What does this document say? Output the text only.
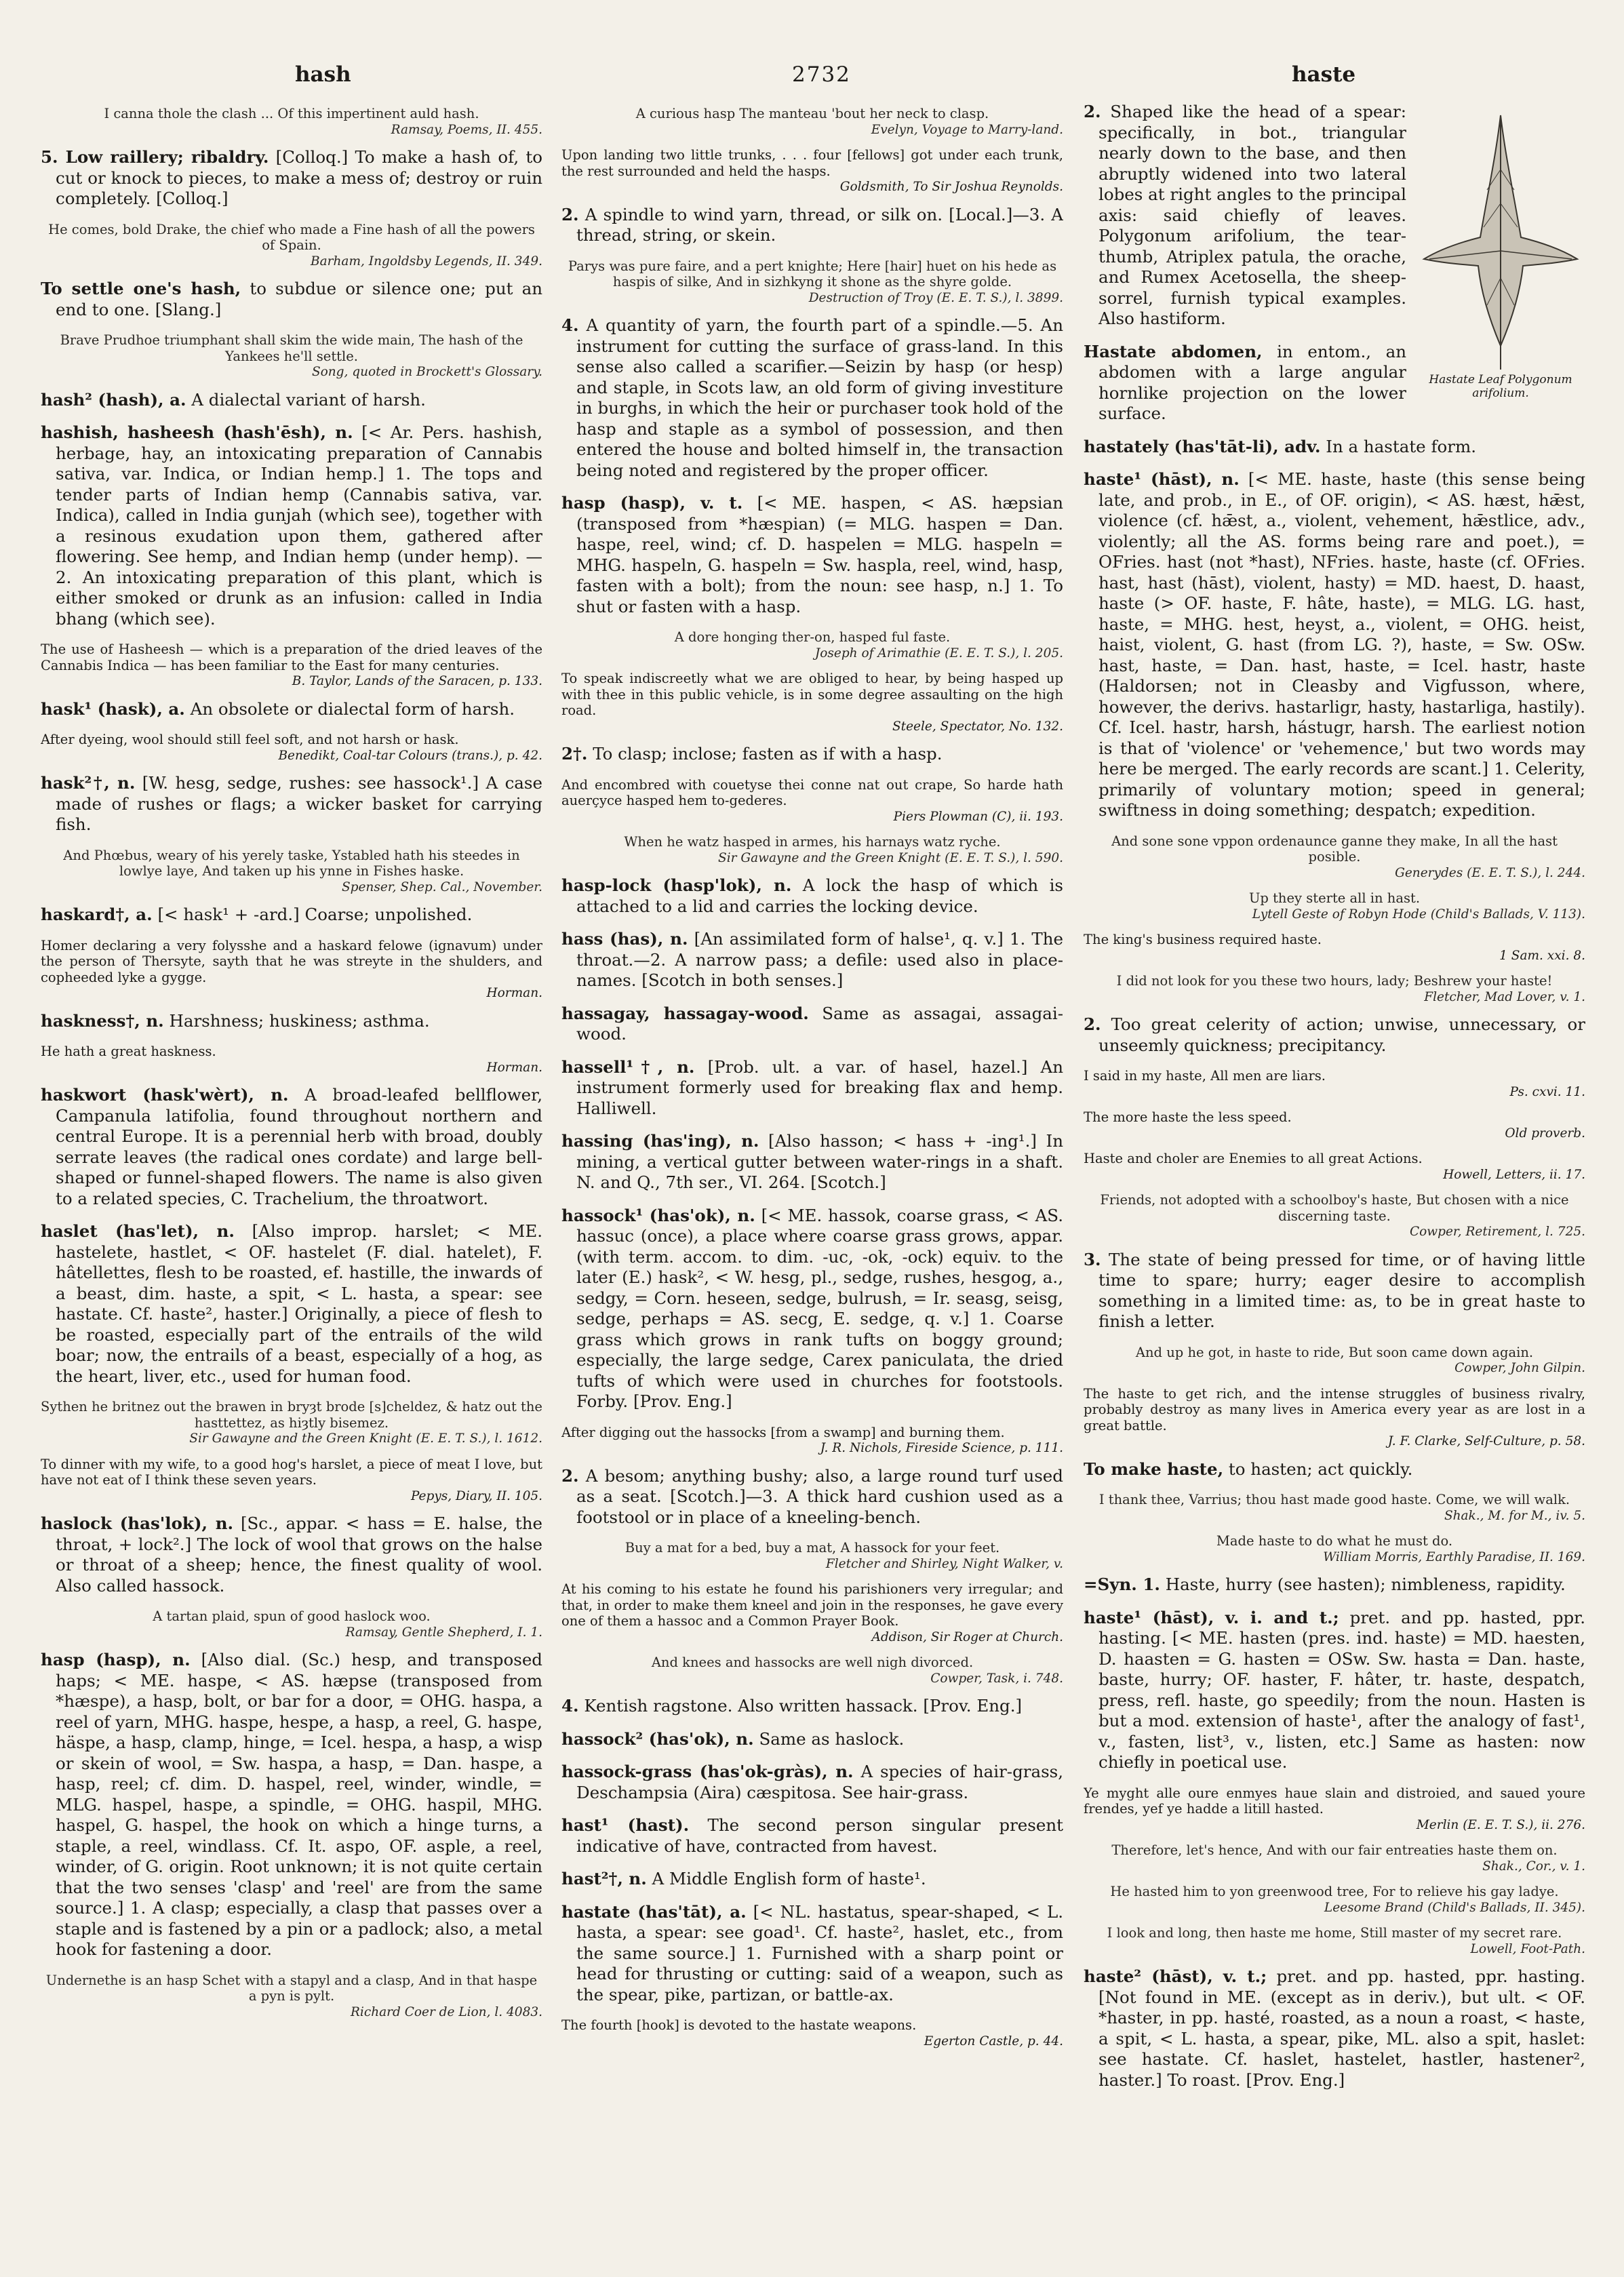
hash	2732	haste
I canna thole the clash ... Of this impertinent auld hash.
Ramsay, Poems, II. 455.
5. Low raillery; ribaldry. [Colloq.] To make a hash of, to cut or knock to pieces, to make a mess of; destroy or ruin completely. [Colloq.]
He comes, bold Drake, the chief who made a Fine hash of all the powers of Spain.
Barham, Ingoldsby Legends, II. 349.
To settle one's hash, to subdue or silence one; put an end to one. [Slang.]
Brave Prudhoe triumphant shall skim the wide main, The hash of the Yankees he'll settle.
Song, quoted in Brockett's Glossary.
hash² (hash), a. A dialectal variant of harsh.
hashish, hasheesh (hash'ēsh), n. [< Ar. Pers. hashish, herbage, hay, an intoxicating preparation of Cannabis sativa, var. Indica, or Indian hemp.] 1. The tops and tender parts of Indian hemp (Cannabis sativa, var. Indica), called in India gunjah (which see), together with a resinous exudation upon them, gathered after flowering. See hemp, and Indian hemp (under hemp). —2. An intoxicating preparation of this plant, which is either smoked or drunk as an infusion: called in India bhang (which see).
The use of Hasheesh — which is a preparation of the dried leaves of the Cannabis Indica — has been familiar to the East for many centuries.
B. Taylor, Lands of the Saracen, p. 133.
hask¹ (hask), a. An obsolete or dialectal form of harsh.
After dyeing, wool should still feel soft, and not harsh or hask.
Benedikt, Coal-tar Colours (trans.), p. 42.
hask²†, n. [W. hesg, sedge, rushes: see hassock¹.] A case made of rushes or flags; a wicker basket for carrying fish.
And Phœbus, weary of his yerely taske, Ystabled hath his steedes in lowlye laye, And taken up his ynne in Fishes haske.
Spenser, Shep. Cal., November.
haskard†, a. [< hask¹ + -ard.] Coarse; unpolished.
Homer declaring a very folysshe and a haskard felowe (ignavum) under the person of Thersyte, sayth that he was streyte in the shulders, and copheeded lyke a gygge.
Horman.
haskness†, n. Harshness; huskiness; asthma.
He hath a great haskness.
Horman.
haskwort (hask'wèrt), n. A broad-leafed bellflower, Campanula latifolia, found throughout northern and central Europe. It is a perennial herb with broad, doubly serrate leaves (the radical ones cordate) and large bell-shaped or funnel-shaped flowers. The name is also given to a related species, C. Trachelium, the throatwort.
haslet (has'let), n. [Also improp. harslet; < ME. hastelete, hastlet, < OF. hastelet (F. dial. hatelet), F. hâtellettes, flesh to be roasted, ef. hastille, the inwards of a beast, dim. haste, a spit, < L. hasta, a spear: see hastate. Cf. haste², haster.] Originally, a piece of flesh to be roasted, especially part of the entrails of the wild boar; now, the entrails of a beast, especially of a hog, as the heart, liver, etc., used for human food.
Sythen he britnez out the brawen in bryȝt brode [s]cheldez, & hatz out the hasttettez, as hiȝtly bisemez.
Sir Gawayne and the Green Knight (E. E. T. S.), l. 1612.
To dinner with my wife, to a good hog's harslet, a piece of meat I love, but have not eat of I think these seven years.
Pepys, Diary, II. 105.
haslock (has'lok), n. [Sc., appar. < hass = E. halse, the throat, + lock².] The lock of wool that grows on the halse or throat of a sheep; hence, the finest quality of wool. Also called hassock.
A tartan plaid, spun of good haslock woo.
Ramsay, Gentle Shepherd, I. 1.
hasp (hasp), n. [Also dial. (Sc.) hesp, and transposed haps; < ME. haspe, < AS. hæpse (transposed from *hæspe), a hasp, bolt, or bar for a door, = OHG. haspa, a reel of yarn, MHG. haspe, hespe, a hasp, a reel, G. haspe, häspe, a hasp, clamp, hinge, = Icel. hespa, a hasp, a wisp or skein of wool, = Sw. haspa, a hasp, = Dan. haspe, a hasp, reel; cf. dim. D. haspel, reel, winder, windle, = MLG. haspel, haspe, a spindle, = OHG. haspil, MHG. haspel, G. haspel, the hook on which a hinge turns, a staple, a reel, windlass. Cf. It. aspo, OF. asple, a reel, winder, of G. origin. Root unknown; it is not quite certain that the two senses 'clasp' and 'reel' are from the same source.] 1. A clasp; especially, a clasp that passes over a staple and is fastened by a pin or a padlock; also, a metal hook for fastening a door.
Undernethe is an hasp Schet with a stapyl and a clasp, And in that haspe a pyn is pylt.
Richard Coer de Lion, l. 4083.
A curious hasp The manteau 'bout her neck to clasp.
Evelyn, Voyage to Marry-land.
Upon landing two little trunks, . . . four [fellows] got under each trunk, the rest surrounded and held the hasps.
Goldsmith, To Sir Joshua Reynolds.
2. A spindle to wind yarn, thread, or silk on. [Local.]—3. A thread, string, or skein.
Parys was pure faire, and a pert knighte; Here [hair] huet on his hede as haspis of silke, And in sizhkyng it shone as the shyre golde.
Destruction of Troy (E. E. T. S.), l. 3899.
4. A quantity of yarn, the fourth part of a spindle.—5. An instrument for cutting the surface of grass-land. In this sense also called a scarifier.—Seizin by hasp (or hesp) and staple, in Scots law, an old form of giving investiture in burghs, in which the heir or purchaser took hold of the hasp and staple as a symbol of possession, and then entered the house and bolted himself in, the transaction being noted and registered by the proper officer.
hasp (hasp), v. t. [< ME. haspen, < AS. hæpsian (transposed from *hæspian) (= MLG. haspen = Dan. haspe, reel, wind; cf. D. haspelen = MLG. haspeln = MHG. haspeln, G. haspeln = Sw. haspla, reel, wind, hasp, fasten with a bolt); from the noun: see hasp, n.] 1. To shut or fasten with a hasp.
A dore honging ther-on, hasped ful faste.
Joseph of Arimathie (E. E. T. S.), l. 205.
To speak indiscreetly what we are obliged to hear, by being hasped up with thee in this public vehicle, is in some degree assaulting on the high road.
Steele, Spectator, No. 132.
2†. To clasp; inclose; fasten as if with a hasp.
And encombred with couetyse thei conne nat out crape, So harde hath auerçyce hasped hem to-gederes.
Piers Plowman (C), ii. 193.
When he watz hasped in armes, his harnays watz ryche.
Sir Gawayne and the Green Knight (E. E. T. S.), l. 590.
hasp-lock (hasp'lok), n. A lock the hasp of which is attached to a lid and carries the locking device.
hass (has), n. [An assimilated form of halse¹, q. v.] 1. The throat.—2. A narrow pass; a defile: used also in place-names. [Scotch in both senses.]
hassagay, hassagay-wood. Same as assagai, assagai-wood.
hassell¹†, n. [Prob. ult. a var. of hasel, hazel.] An instrument formerly used for breaking flax and hemp. Halliwell.
hassing (has'ing), n. [Also hasson; < hass + -ing¹.] In mining, a vertical gutter between water-rings in a shaft. N. and Q., 7th ser., VI. 264. [Scotch.]
hassock¹ (has'ok), n. [< ME. hassok, coarse grass, < AS. hassuc (once), a place where coarse grass grows, appar. (with term. accom. to dim. -uc, -ok, -ock) equiv. to the later (E.) hask², < W. hesg, pl., sedge, rushes, hesgog, a., sedgy, = Corn. heseen, sedge, bulrush, = Ir. seasg, seisg, sedge, perhaps = AS. secg, E. sedge, q. v.] 1. Coarse grass which grows in rank tufts on boggy ground; especially, the large sedge, Carex paniculata, the dried tufts of which were used in churches for footstools. Forby. [Prov. Eng.]
After digging out the hassocks [from a swamp] and burning them.
J. R. Nichols, Fireside Science, p. 111.
2. A besom; anything bushy; also, a large round turf used as a seat. [Scotch.]—3. A thick hard cushion used as a footstool or in place of a kneeling-bench.
Buy a mat for a bed, buy a mat, A hassock for your feet.
Fletcher and Shirley, Night Walker, v.
At his coming to his estate he found his parishioners very irregular; and that, in order to make them kneel and join in the responses, he gave every one of them a hassoc and a Common Prayer Book.
Addison, Sir Roger at Church.
And knees and hassocks are well nigh divorced.
Cowper, Task, i. 748.
4. Kentish ragstone. Also written hassack. [Prov. Eng.]
hassock² (has'ok), n. Same as haslock.
hassock-grass (has'ok-gràs), n. A species of hair-grass, Deschampsia (Aira) cæspitosa. See hair-grass.
hast¹ (hast). The second person singular present indicative of have, contracted from havest.
hast²†, n. A Middle English form of haste¹.
hastate (has'tāt), a. [< NL. hastatus, spear-shaped, < L. hasta, a spear: see goad¹. Cf. haste², haslet, etc., from the same source.] 1. Furnished with a sharp point or head for thrusting or cutting: said of a weapon, such as the spear, pike, partizan, or battle-ax.
The fourth [hook] is devoted to the hastate weapons.
Egerton Castle, p. 44.
Hastate Leaf Polygonum arifolium.
2. Shaped like the head of a spear: specifically, in bot., triangular nearly down to the base, and then abruptly widened into two lateral lobes at right angles to the principal axis: said chiefly of leaves. Polygonum arifolium, the tear-thumb, Atriplex patula, the orache, and Rumex Acetosella, the sheep-sorrel, furnish typical examples. Also hastiform.
Hastate abdomen, in entom., an abdomen with a large angular hornlike projection on the lower surface.
hastately (has'tāt-li), adv. In a hastate form.
haste¹ (hāst), n. [< ME. haste, haste (this sense being late, and prob., in E., of OF. origin), < AS. hæst, hǣst, violence (cf. hǣst, a., violent, vehement, hǣstlice, adv., violently; all the AS. forms being rare and poet.), = OFries. hast (not *hast), NFries. haste, haste (cf. OFries. hast, hast (hāst), violent, hasty) = MD. haest, D. haast, haste (> OF. haste, F. hâte, haste), = MLG. LG. hast, haste, = MHG. hest, heyst, a., violent, = OHG. heist, haist, violent, G. hast (from LG. ?), haste, = Sw. OSw. hast, haste, = Dan. hast, haste, = Icel. hastr, haste (Haldorsen; not in Cleasby and Vigfusson, where, however, the derivs. hastarligr, hasty, hastarliga, hastily). Cf. Icel. hastr, harsh, hástugr, harsh. The earliest notion is that of 'violence' or 'vehemence,' but two words may here be merged. The early records are scant.] 1. Celerity, primarily of voluntary motion; speed in general; swiftness in doing something; despatch; expedition.
And sone sone vppon ordenaunce ganne they make, In all the hast posible.
Generydes (E. E. T. S.), l. 244.
Up they sterte all in hast.
Lytell Geste of Robyn Hode (Child's Ballads, V. 113).
The king's business required haste.
1 Sam. xxi. 8.
I did not look for you these two hours, lady; Beshrew your haste!
Fletcher, Mad Lover, v. 1.
2. Too great celerity of action; unwise, unnecessary, or unseemly quickness; precipitancy.
I said in my haste, All men are liars.
Ps. cxvi. 11.
The more haste the less speed.
Old proverb.
Haste and choler are Enemies to all great Actions.
Howell, Letters, ii. 17.
Friends, not adopted with a schoolboy's haste, But chosen with a nice discerning taste.
Cowper, Retirement, l. 725.
3. The state of being pressed for time, or of having little time to spare; hurry; eager desire to accomplish something in a limited time: as, to be in great haste to finish a letter.
And up he got, in haste to ride, But soon came down again.
Cowper, John Gilpin.
The haste to get rich, and the intense struggles of business rivalry, probably destroy as many lives in America every year as are lost in a great battle.
J. F. Clarke, Self-Culture, p. 58.
To make haste, to hasten; act quickly.
I thank thee, Varrius; thou hast made good haste. Come, we will walk.
Shak., M. for M., iv. 5.
Made haste to do what he must do.
William Morris, Earthly Paradise, II. 169.
=Syn. 1. Haste, hurry (see hasten); nimbleness, rapidity.
haste¹ (hāst), v. i. and t.; pret. and pp. hasted, ppr. hasting. [< ME. hasten (pres. ind. haste) = MD. haesten, D. haasten = G. hasten = OSw. Sw. hasta = Dan. haste, baste, hurry; OF. haster, F. hâter, tr. haste, despatch, press, refl. haste, go speedily; from the noun. Hasten is but a mod. extension of haste¹, after the analogy of fast¹, v., fasten, list³, v., listen, etc.] Same as hasten: now chiefly in poetical use.
Ye myght alle oure enmyes haue slain and distroied, and saued youre frendes, yef ye hadde a litill hasted.
Merlin (E. E. T. S.), ii. 276.
Therefore, let's hence, And with our fair entreaties haste them on.
Shak., Cor., v. 1.
He hasted him to yon greenwood tree, For to relieve his gay ladye.
Leesome Brand (Child's Ballads, II. 345).
I look and long, then haste me home, Still master of my secret rare.
Lowell, Foot-Path.
haste² (hāst), v. t.; pret. and pp. hasted, ppr. hasting. [Not found in ME. (except as in deriv.), but ult. < OF. *haster, in pp. hasté, roasted, as a noun a roast, < haste, a spit, < L. hasta, a spear, pike, ML. also a spit, haslet: see hastate. Cf. haslet, hastelet, hastler, hastener², haster.] To roast. [Prov. Eng.]
